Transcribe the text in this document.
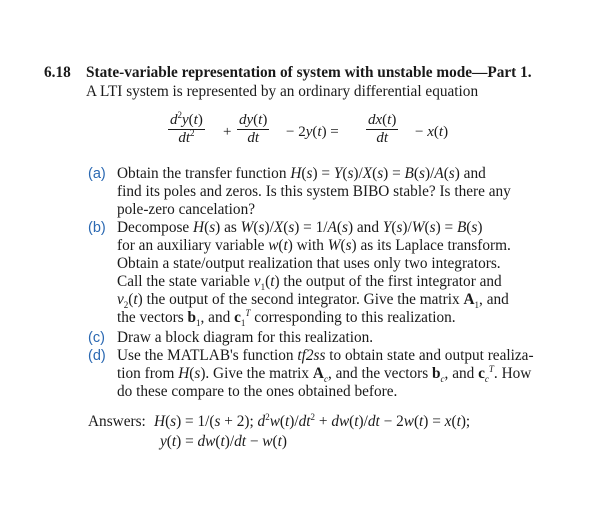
6.18 State-variable representation of system with unstable mode—Part 1.
A LTI system is represented by an ordinary differential equation
$\frac{d^2y(t)}{dt^2} + \frac{dy(t)}{dt} - 2y(t) = \frac{dx(t)}{dt} - x(t)$
(a)
(b)
(c)
(d)
Obtain the transfer function H(s) = Y(s)/X(s) = B(s)/A(s) and
find its poles and zeros. Is this system BIBO stable? Is there any
pole-zero cancelation?
Decompose H(s) as W(s)/X(s) = 1/A(s) and Y(s)/W(s) = B(s)
for an auxiliary variable w(t) with W(s) as its Laplace transform.
Obtain a state/output realization that uses only two integrators.
Call the state variable $v_1(t)$ the output of the first integrator and
$v_2(t)$ the output of the second integrator. Give the matrix $A_1$, and
the vectors $b_1$, and $c_1^T$ corresponding to this realization.
Draw a block diagram for this realization.
Use the MATLAB's function tf2ss to obtain state and output realiza-
tion from H(s). Give the matrix $A_c$, and the vectors $b_c$, and $c_c^T$. How
do these compare to the ones obtained before.
Answers: H(s) = 1/(s + 2); $d^2w(t)/dt^2 + dw(t)/dt - 2w(t) = x(t)$;
y(t) = dw(t)/dt − w(t)
